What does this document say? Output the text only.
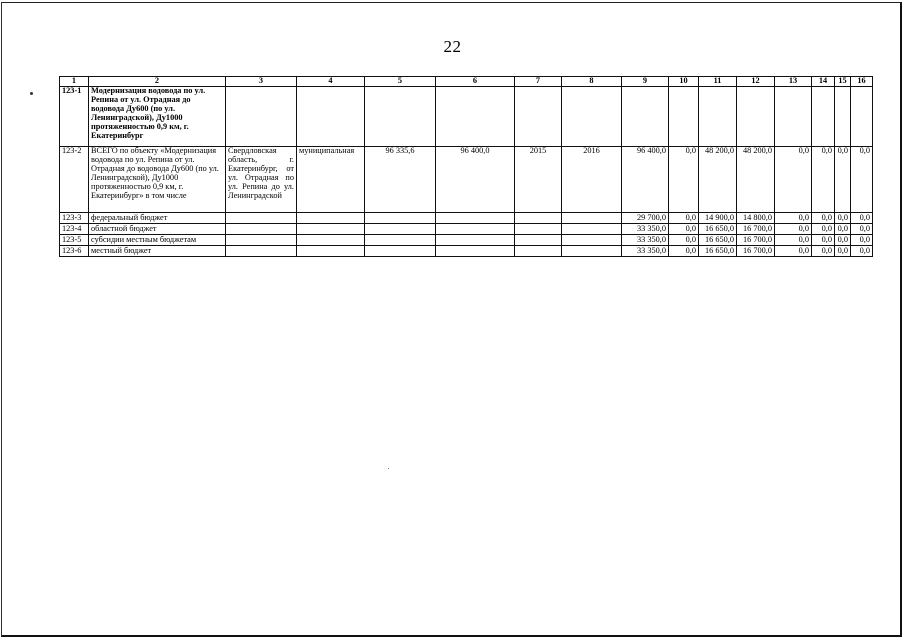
22
1	2	3	4	5	6	7	8	9	10	11	12	13	14	15	16
123-1	Модернизация водовода по ул. Репина от ул. Отрадная до водовода Ду600 (по ул. Ленинградской), Ду1000 протяженностью 0,9 км, г. Екатеринбург														
123-2	ВСЕГО по объекту «Модернизация водовода по ул. Репина от ул. Отрадная до водовода Ду600 (по ул. Ленинградской), Ду1000 протяженностью 0,9 км, г. Екатеринбург» в том числе	Свердловская область, г. Екатеринбург, от ул. Отрадная по ул. Репина до ул. Ленинградской	муниципальная	96 335,6	96 400,0	2015	2016	96 400,0	0,0	48 200,0	48 200,0	0,0	0,0	0,0	0,0
123-3	федеральный бюджет							29 700,0	0,0	14 900,0	14 800,0	0,0	0,0	0,0	0,0
123-4	областной бюджет							33 350,0	0,0	16 650,0	16 700,0	0,0	0,0	0,0	0,0
123-5	субсидии местным бюджетам							33 350,0	0,0	16 650,0	16 700,0	0,0	0,0	0,0	0,0
123-6	местный бюджет							33 350,0	0,0	16 650,0	16 700,0	0,0	0,0	0,0	0,0
